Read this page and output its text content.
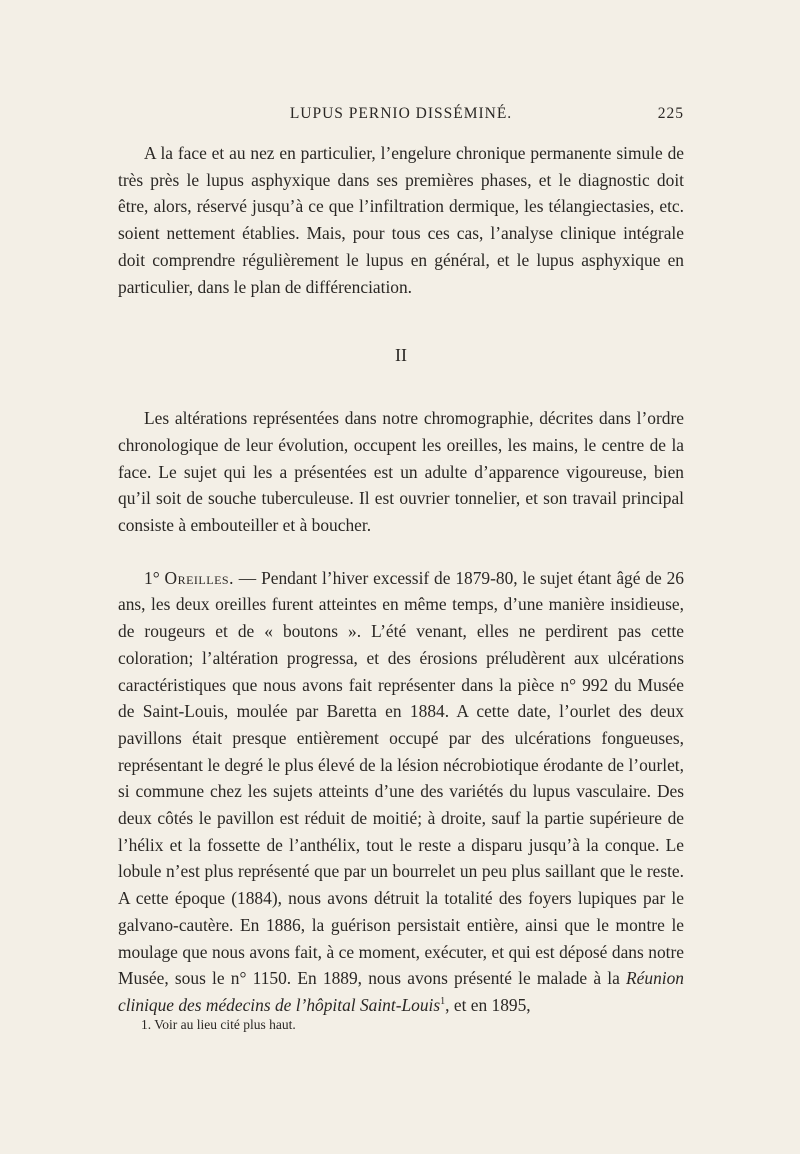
LUPUS PERNIO DISSÉMINÉ.	225

A la face et au nez en particulier, l’engelure chronique permanente simule de très près le lupus asphyxique dans ses premières phases, et le diagnostic doit être, alors, réservé jusqu’à ce que l’infiltration dermique, les télangiectasies, etc. soient nettement établies. Mais, pour tous ces cas, l’analyse clinique intégrale doit comprendre régulièrement le lupus en général, et le lupus asphyxique en particulier, dans le plan de différenciation.

II

Les altérations représentées dans notre chromographie, décrites dans l’ordre chronologique de leur évolution, occupent les oreilles, les mains, le centre de la face. Le sujet qui les a présentées est un adulte d’apparence vigoureuse, bien qu’il soit de souche tuberculeuse. Il est ouvrier tonnelier, et son travail principal consiste à embouteiller et à boucher.

1° Oreilles. — Pendant l’hiver excessif de 1879-80, le sujet étant âgé de 26 ans, les deux oreilles furent atteintes en même temps, d’une manière insidieuse, de rougeurs et de « boutons ». L’été venant, elles ne perdirent pas cette coloration; l’altération progressa, et des érosions préludèrent aux ulcérations caractéristiques que nous avons fait représenter dans la pièce n° 992 du Musée de Saint-Louis, moulée par Baretta en 1884. A cette date, l’ourlet des deux pavillons était presque entièrement occupé par des ulcérations fongueuses, représentant le degré le plus élevé de la lésion nécrobiotique érodante de l’ourlet, si commune chez les sujets atteints d’une des variétés du lupus vasculaire. Des deux côtés le pavillon est réduit de moitié; à droite, sauf la partie supérieure de l’hélix et la fossette de l’anthélix, tout le reste a disparu jusqu’à la conque. Le lobule n’est plus représenté que par un bourrelet un peu plus saillant que le reste. A cette époque (1884), nous avons détruit la totalité des foyers lupiques par le galvano-cautère. En 1886, la guérison persistait entière, ainsi que le montre le moulage que nous avons fait, à ce moment, exécuter, et qui est déposé dans notre Musée, sous le n° 1150. En 1889, nous avons présenté le malade à la Réunion clinique des médecins de l’hôpital Saint-Louis$^1$, et en 1895,

1. Voir au lieu cité plus haut.
